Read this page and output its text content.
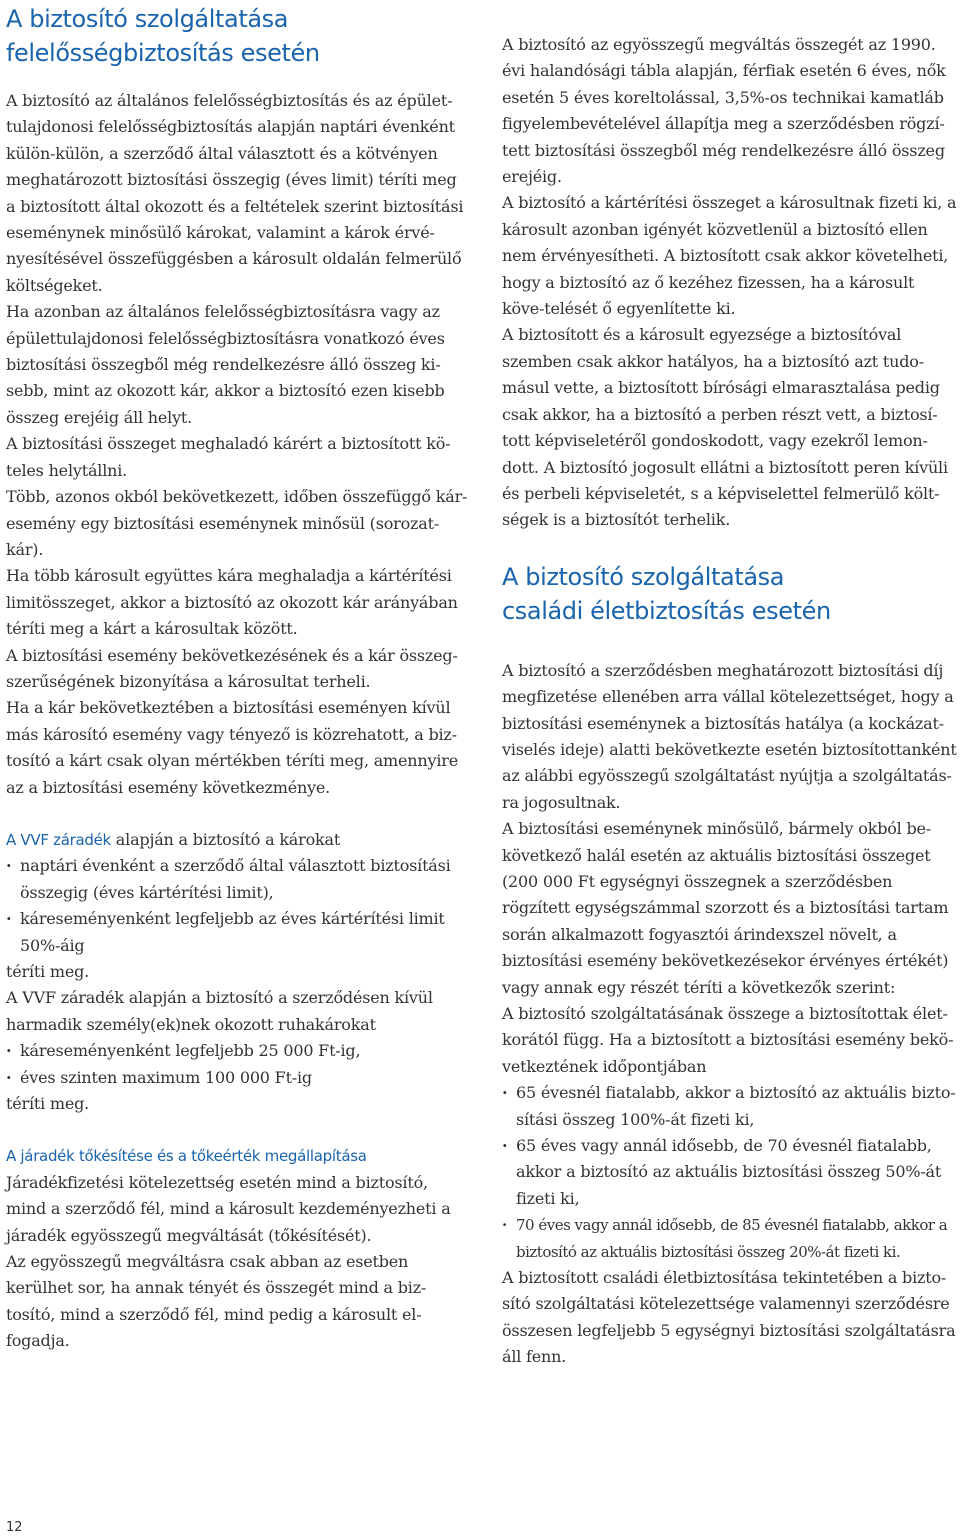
A biztosító szolgáltatása
felelősségbiztosítás esetén

A biztosító az általános felelősségbiztosítás és az épület-tulajdonosi felelősségbiztosítás alapján naptári évenként külön-külön, a szerződő által választott és a kötvényen meghatározott biztosítási összegig (éves limit) téríti meg a biztosított által okozott és a feltételek szerint biztosítási eseménynek minősülő károkat, valamint a károk érvé-nyesítésével összefüggésben a károsult oldalán felmerülő költségeket.

Ha azonban az általános felelősségbiztosításra vagy az épülettulajdonosi felelősségbiztosításra vonatkozó éves biztosítási összegből még rendelkezésre álló összeg ki-sebb, mint az okozott kár, akkor a biztosító ezen kisebb összeg erejéig áll helyt.

A biztosítási összeget meghaladó kárért a biztosított kö-teles helytállni.

Több, azonos okból bekövetkezett, időben összefüggő kár-esemény egy biztosítási eseménynek minősül (sorozat-kár).

Ha több károsult együttes kára meghaladja a kártérítési limitösszeget, akkor a biztosító az okozott kár arányában téríti meg a kárt a károsultak között.

A biztosítási esemény bekövetkezésének és a kár összeg-szerűségének bizonyítása a károsultat terheli.

Ha a kár bekövetkeztében a biztosítási eseményen kívül más károsító esemény vagy tényező is közrehatott, a biz-tosító a kárt csak olyan mértékben téríti meg, amennyire az a biztosítási esemény következménye.

A VVF záradék alapján a biztosító a károkat

· naptári évenként a szerződő által választott biztosítási összegig (éves kártérítési limit),
· káreseményenként legfeljebb az éves kártérítési limit 50%-áig

téríti meg.

A VVF záradék alapján a biztosító a szerződésen kívül harmadik személy(ek)nek okozott ruhakárokat

· káreseményenként legfeljebb 25 000 Ft-ig,
· éves szinten maximum 100 000 Ft-ig

téríti meg.

A járadék tőkésítése és a tőkeérték megállapítása

Járadékfizetési kötelezettség esetén mind a biztosító, mind a szerződő fél, mind a károsult kezdeményezheti a járadék egyösszegű megváltását (tőkésítését).

Az egyösszegű megváltásra csak abban az esetben kerülhet sor, ha annak tényét és összegét mind a biz-tosító, mind a szerződő fél, mind pedig a károsult el-fogadja.

A biztosító az egyösszegű megváltás összegét az 1990. évi halandósági tábla alapján, férfiak esetén 6 éves, nők esetén 5 éves koreltolással, 3,5%-os technikai kamatláb figyelembevételével állapítja meg a szerződésben rögzí-tett biztosítási összegből még rendelkezésre álló összeg erejéig.

A biztosító a kártérítési összeget a károsultnak fizeti ki, a károsult azonban igényét közvetlenül a biztosító ellen nem érvényesítheti. A biztosított csak akkor követelheti, hogy a biztosító az ő kezéhez fizessen, ha a károsult köve-telését ő egyenlítette ki.

A biztosított és a károsult egyezsége a biztosítóval szemben csak akkor hatályos, ha a biztosító azt tudo-másul vette, a biztosított bírósági elmarasztalása pedig csak akkor, ha a biztosító a perben részt vett, a biztosí-tott képviseletéről gondoskodott, vagy ezekről lemon-dott. A biztosító jogosult ellátni a biztosított peren kívüli és perbeli képviseletét, s a képviselettel felmerülő költ-ségek is a biztosítót terhelik.

A biztosító szolgáltatása
családi életbiztosítás esetén

A biztosító a szerződésben meghatározott biztosítási díj megfizetése ellenében arra vállal kötelezettséget, hogy a biztosítási eseménynek a biztosítás hatálya (a kockázat-viselés ideje) alatti bekövetkezte esetén biztosítottanként az alábbi egyösszegű szolgáltatást nyújtja a szolgáltatás-ra jogosultnak.

A biztosítási eseménynek minősülő, bármely okból be-következő halál esetén az aktuális biztosítási összeget (200 000 Ft egységnyi összegnek a szerződésben rögzített egységszámmal szorzott és a biztosítási tartam során alkalmazott fogyasztói árindexszel növelt, a biztosítási esemény bekövetkezésekor érvényes értékét) vagy annak egy részét téríti a következők szerint:

A biztosító szolgáltatásának összege a biztosítottak élet-korától függ. Ha a biztosított a biztosítási esemény bekö-vetkeztének időpontjában

· 65 évesnél fiatalabb, akkor a biztosító az aktuális bizto-sítási összeg 100%-át fizeti ki,
· 65 éves vagy annál idősebb, de 70 évesnél fiatalabb, akkor a biztosító az aktuális biztosítási összeg 50%-át fizeti ki,
· 70 éves vagy annál idősebb, de 85 évesnél fiatalabb, akkor a biztosító az aktuális biztosítási összeg 20%-át fizeti ki.

A biztosított családi életbiztosítása tekintetében a bizto-sító szolgáltatási kötelezettsége valamennyi szerződésre összesen legfeljebb 5 egységnyi biztosítási szolgáltatásra áll fenn.

12
